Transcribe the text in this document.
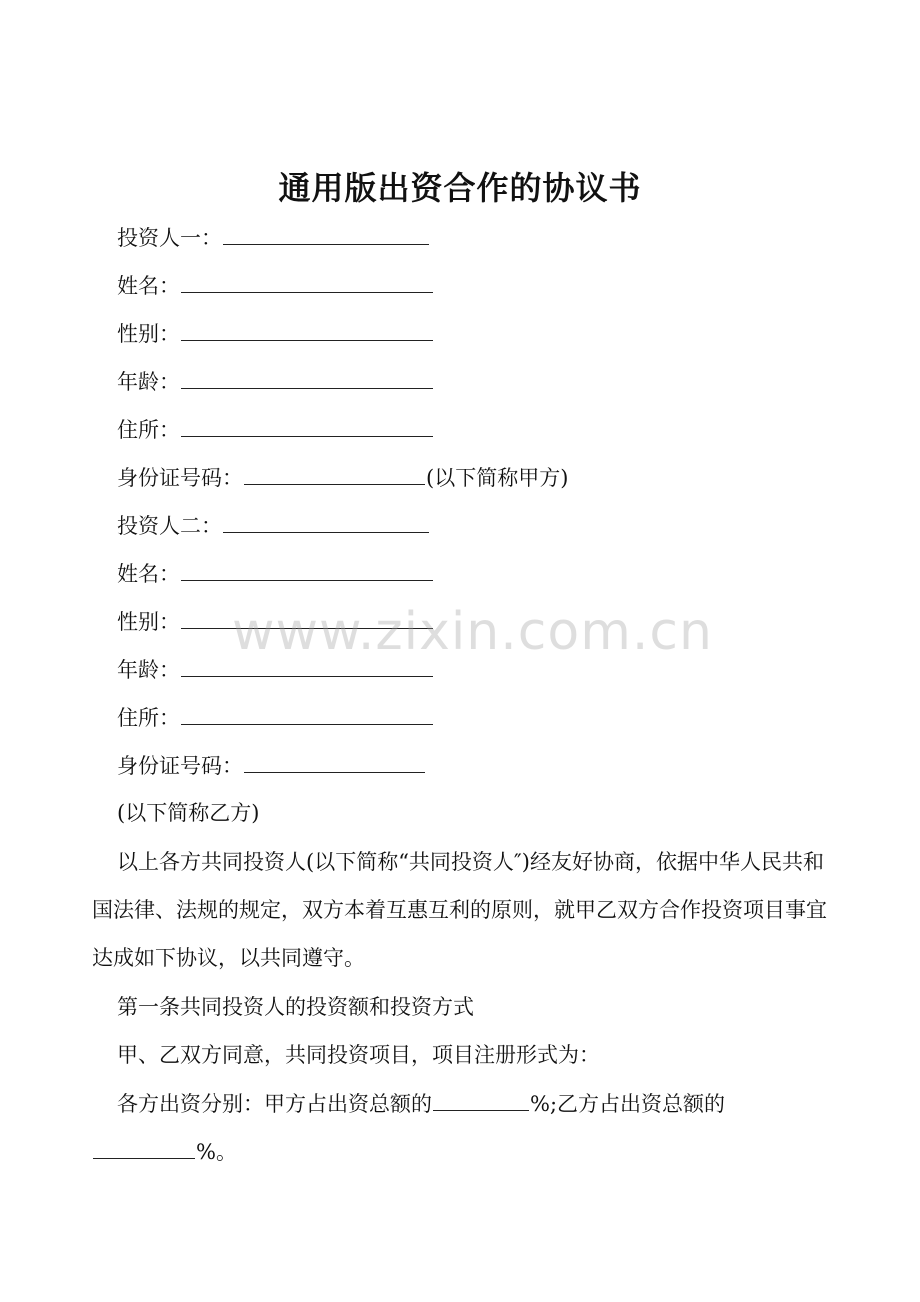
通用版出资合作的协议书
投资人一：
姓名：
性别：
年龄：
住所：
身份证号码：	(以下简称甲方)
投资人二：
姓名：
性别：
年龄：
住所：
身份证号码：
(以下简称乙方)
以上各方共同投资人(以下简称“共同投资人″)经友好协商，依据中华人民共和国法律、法规的规定，双方本着互惠互利的原则，就甲乙双方合作投资项目事宜达成如下协议，以共同遵守。
第一条共同投资人的投资额和投资方式
甲、乙双方同意，共同投资项目，项目注册形式为：
各方出资分别：甲方占出资总额的	%;乙方占出资总额的
%。
www.zixin.com.cn
